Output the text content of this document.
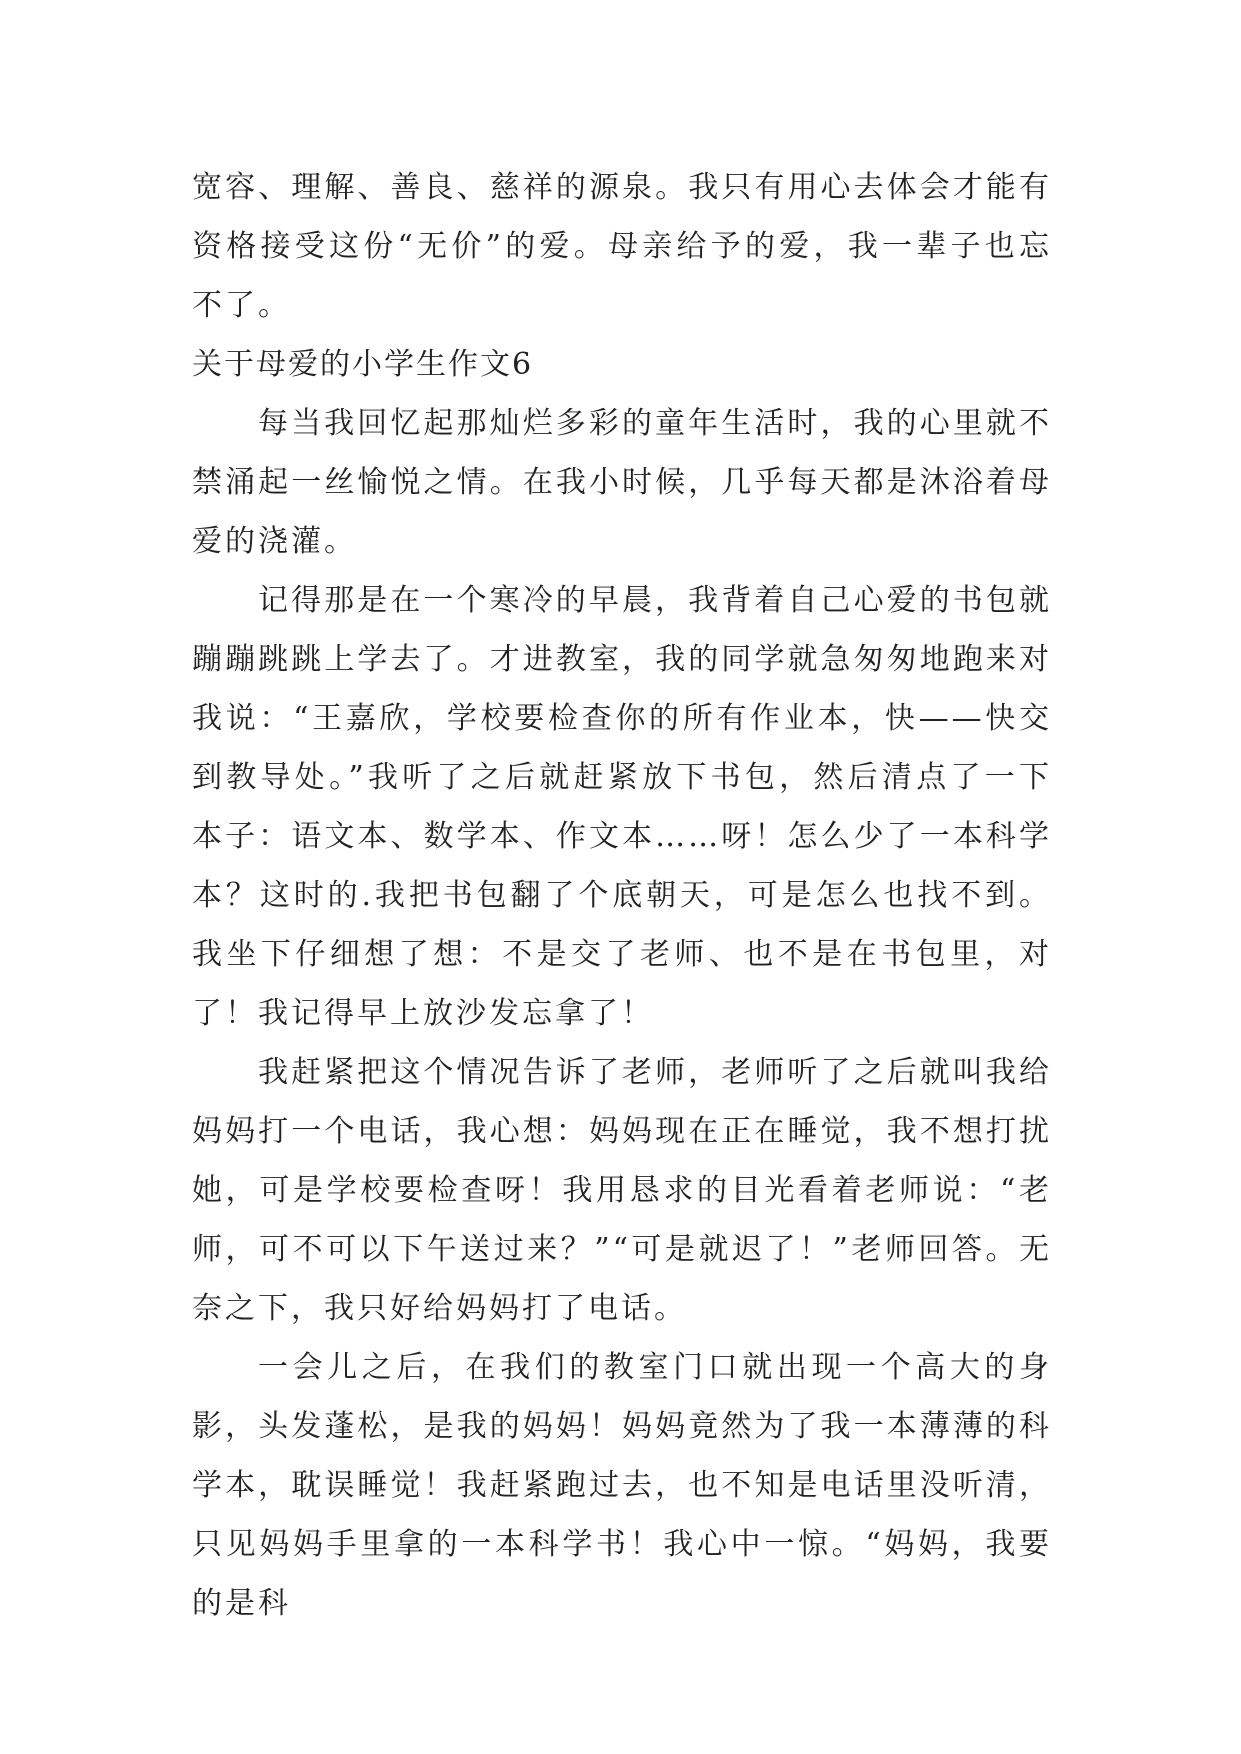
宽容、理解、善良、慈祥的源泉。我只有用心去体会才能有资格接受这份“无价”的爱。母亲给予的爱，我一辈子也忘不了。

关于母爱的小学生作文6

每当我回忆起那灿烂多彩的童年生活时，我的心里就不禁涌起一丝愉悦之情。在我小时候，几乎每天都是沐浴着母爱的浇灌。

记得那是在一个寒冷的早晨，我背着自己心爱的书包就蹦蹦跳跳上学去了。才进教室，我的同学就急匆匆地跑来对我说：“王嘉欣，学校要检查你的所有作业本，快——快交到教导处。”我听了之后就赶紧放下书包，然后清点了一下本子：语文本、数学本、作文本……呀！怎么少了一本科学本？这时的.我把书包翻了个底朝天，可是怎么也找不到。我坐下仔细想了想：不是交了老师、也不是在书包里，对了！我记得早上放沙发忘拿了！

我赶紧把这个情况告诉了老师，老师听了之后就叫我给妈妈打一个电话，我心想：妈妈现在正在睡觉，我不想打扰她，可是学校要检查呀！我用恳求的目光看着老师说：“老师，可不可以下午送过来？”“可是就迟了！”老师回答。无奈之下，我只好给妈妈打了电话。

一会儿之后，在我们的教室门口就出现一个高大的身影，头发蓬松，是我的妈妈！妈妈竟然为了我一本薄薄的科学本，耽误睡觉！我赶紧跑过去，也不知是电话里没听清，只见妈妈手里拿的一本科学书！我心中一惊。“妈妈，我要的是科
